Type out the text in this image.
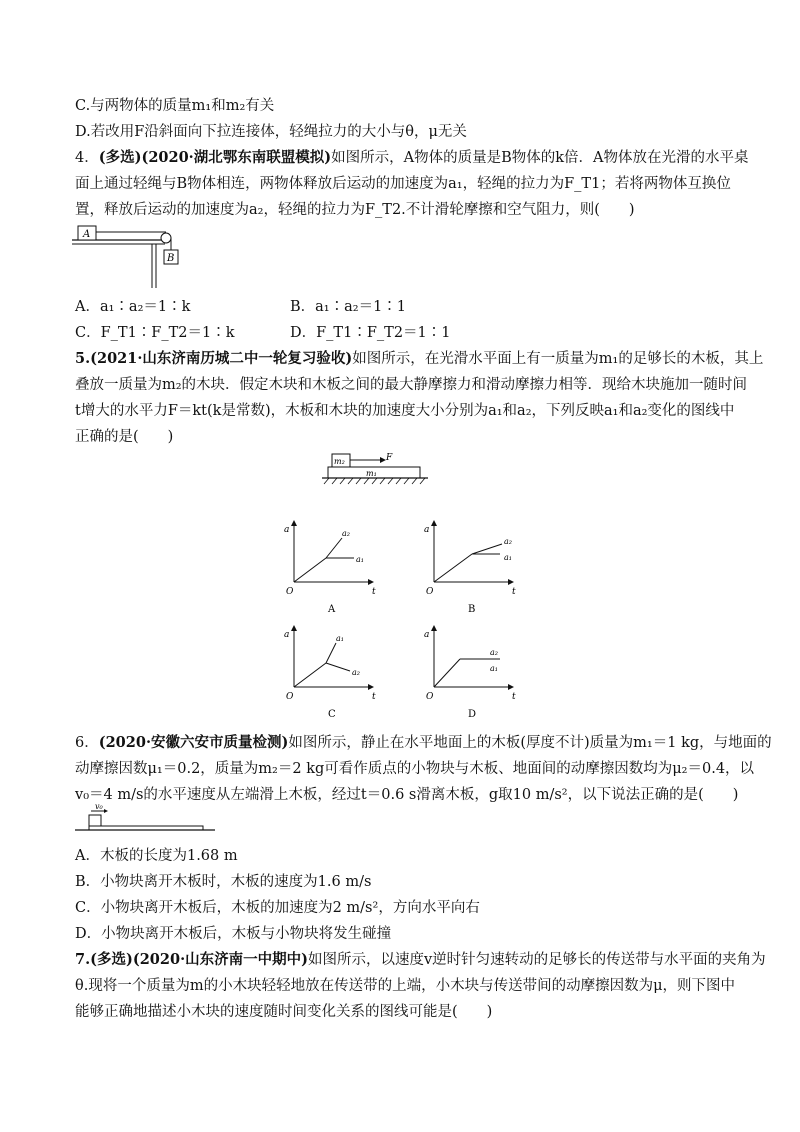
C.与两物体的质量m₁和m₂有关
D.若改用F沿斜面向下拉连接体，轻绳拉力的大小与θ，μ无关
4．(多选)(2020·湖北鄂东南联盟模拟)如图所示，A物体的质量是B物体的k倍．A物体放在光滑的水平桌
面上通过轻绳与B物体相连，两物体释放后运动的加速度为a₁，轻绳的拉力为F_T1；若将两物体互换位
置，释放后运动的加速度为a₂，轻绳的拉力为F_T2.不计滑轮摩擦和空气阻力，则(　　)
A
B
A．a₁∶a₂＝1∶k	B．a₁∶a₂＝1∶1
C．F_T1∶F_T2＝1∶k	D．F_T1∶F_T2＝1∶1
5.(2021·山东济南历城二中一轮复习验收)如图所示，在光滑水平面上有一质量为m₁的足够长的木板，其上
叠放一质量为m₂的木块．假定木块和木板之间的最大静摩擦力和滑动摩擦力相等．现给木块施加一随时间
t增大的水平力F＝kt(k是常数)，木板和木块的加速度大小分别为a₁和a₂，下列反映a₁和a₂变化的图线中
正确的是(　　)
m₂	F
m₁
a
O	t
a₂
a₁
A
a
O	t
a₂
a₁
B
a
O	t
a₁
a₂
C
a
O	t
a₂
a₁
D
6．(2020·安徽六安市质量检测)如图所示，静止在水平地面上的木板(厚度不计)质量为m₁＝1 kg，与地面的
动摩擦因数μ₁＝0.2，质量为m₂＝2 kg可看作质点的小物块与木板、地面间的动摩擦因数均为μ₂＝0.4，以
v₀＝4 m/s的水平速度从左端滑上木板，经过t＝0.6 s滑离木板，g取10 m/s²，以下说法正确的是(　　)
v₀
A．木板的长度为1.68 m
B．小物块离开木板时，木板的速度为1.6 m/s
C．小物块离开木板后，木板的加速度为2 m/s²，方向水平向右
D．小物块离开木板后，木板与小物块将发生碰撞
7.(多选)(2020·山东济南一中期中)如图所示，以速度v逆时针匀速转动的足够长的传送带与水平面的夹角为
θ.现将一个质量为m的小木块轻轻地放在传送带的上端，小木块与传送带间的动摩擦因数为μ，则下图中
能够正确地描述小木块的速度随时间变化关系的图线可能是(　　)
